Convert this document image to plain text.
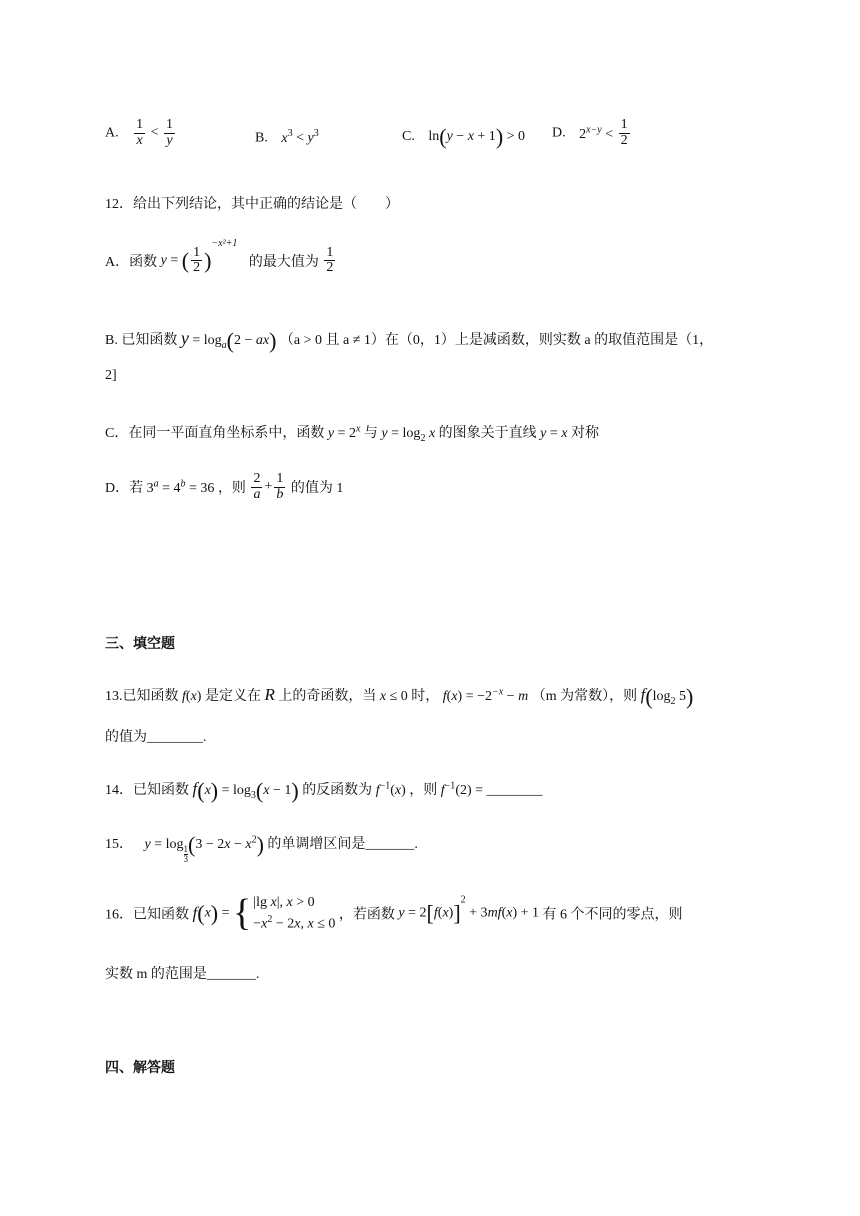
A. $\frac{1}{x} < \frac{1}{y}$	B. $x^3 < y^3$	C. ln(y − x + 1) > 0 D. $2^{x-y} < \frac{1}{2}$
12．给出下列结论，其中正确的结论是（　　）
A．函数 y = ( $\frac{1}{2} )^{-x^2+1}$ 的最大值为 $\frac{1}{2}$
B. 已知函数 $y = \log_a(2 - ax) (a > 0$ 且 a ≠ 1）在（0，1）上是减函数，则实数 a 的取值范围是（1，
2]
C．在同一平面直角坐标系中，函数 $y = 2^x$ 与 $y = \log_2 x$ 的图象关于直线 y = x 对称
D．若 $3^a = 4^b = 36$ ，则 $\frac{2}{a} + \frac{1}{b}$ 的值为 1
三、填空题
13.已知函数 f(x) 是定义在 R 上的奇函数，当 x ≤ 0 时， $f(x) = -2^{-x} - m$ （m 为常数），则 $f(\log_2$ 5)
的值为________.
14．已知函数 $f(x) = \log_3(x - 1)$ 的反函数为 $f^{-1}(x)$ ，则 $f^{-1}(2)$ = ________
15． y = log
$\frac{1}{3} (3 - 2x - x^2)$ 的单调增区间是_______.
16．已知函数 f(x) = { |lg x|, x > 0
$-x^2 - 2x$, x ≤ 0
，若函数 $y = 2[f(x)]^2 + 3mf(x) + 1$ 有 6 个不同的零点，则
实数 m 的范围是_______.
四、解答题
